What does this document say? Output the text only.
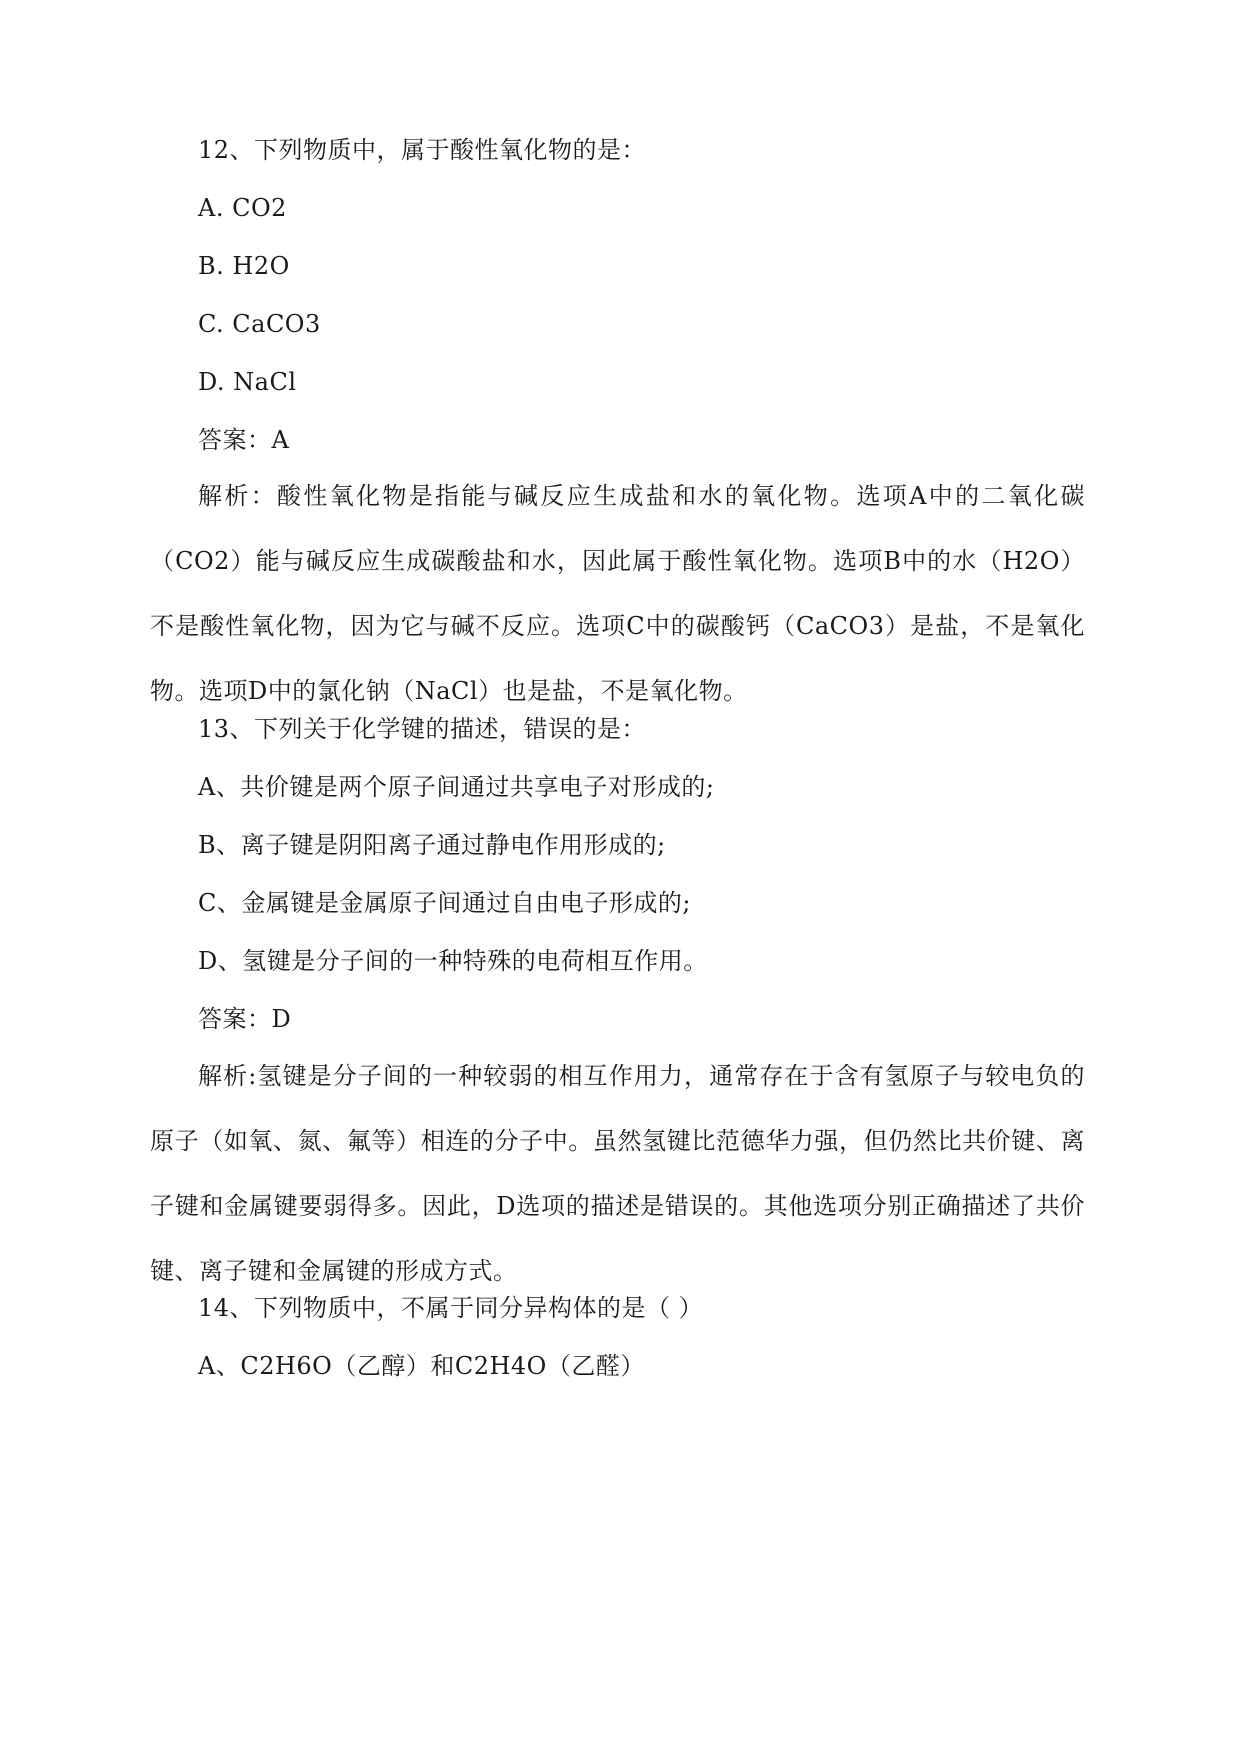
12、下列物质中，属于酸性氧化物的是：
A. CO2
B. H2O
C. CaCO3
D. NaCl
答案：A

解析：酸性氧化物是指能与碱反应生成盐和水的氧化物。选项A中的二氧化碳（CO2）能与碱反应生成碳酸盐和水，因此属于酸性氧化物。选项B中的水（H2O）不是酸性氧化物，因为它与碱不反应。选项C中的碳酸钙（CaCO3）是盐，不是氧化物。选项D中的氯化钠（NaCl）也是盐，不是氧化物。

13、下列关于化学键的描述，错误的是：
A、共价键是两个原子间通过共享电子对形成的;
B、离子键是阴阳离子通过静电作用形成的;
C、金属键是金属原子间通过自由电子形成的;
D、氢键是分子间的一种特殊的电荷相互作用。
答案：D

解析:氢键是分子间的一种较弱的相互作用力，通常存在于含有氢原子与较电负的原子（如氧、氮、氟等）相连的分子中。虽然氢键比范德华力强，但仍然比共价键、离子键和金属键要弱得多。因此，D选项的描述是错误的。其他选项分别正确描述了共价键、离子键和金属键的形成方式。

14、下列物质中，不属于同分异构体的是（ ）
A、C2H6O（乙醇）和C2H4O（乙醛）
